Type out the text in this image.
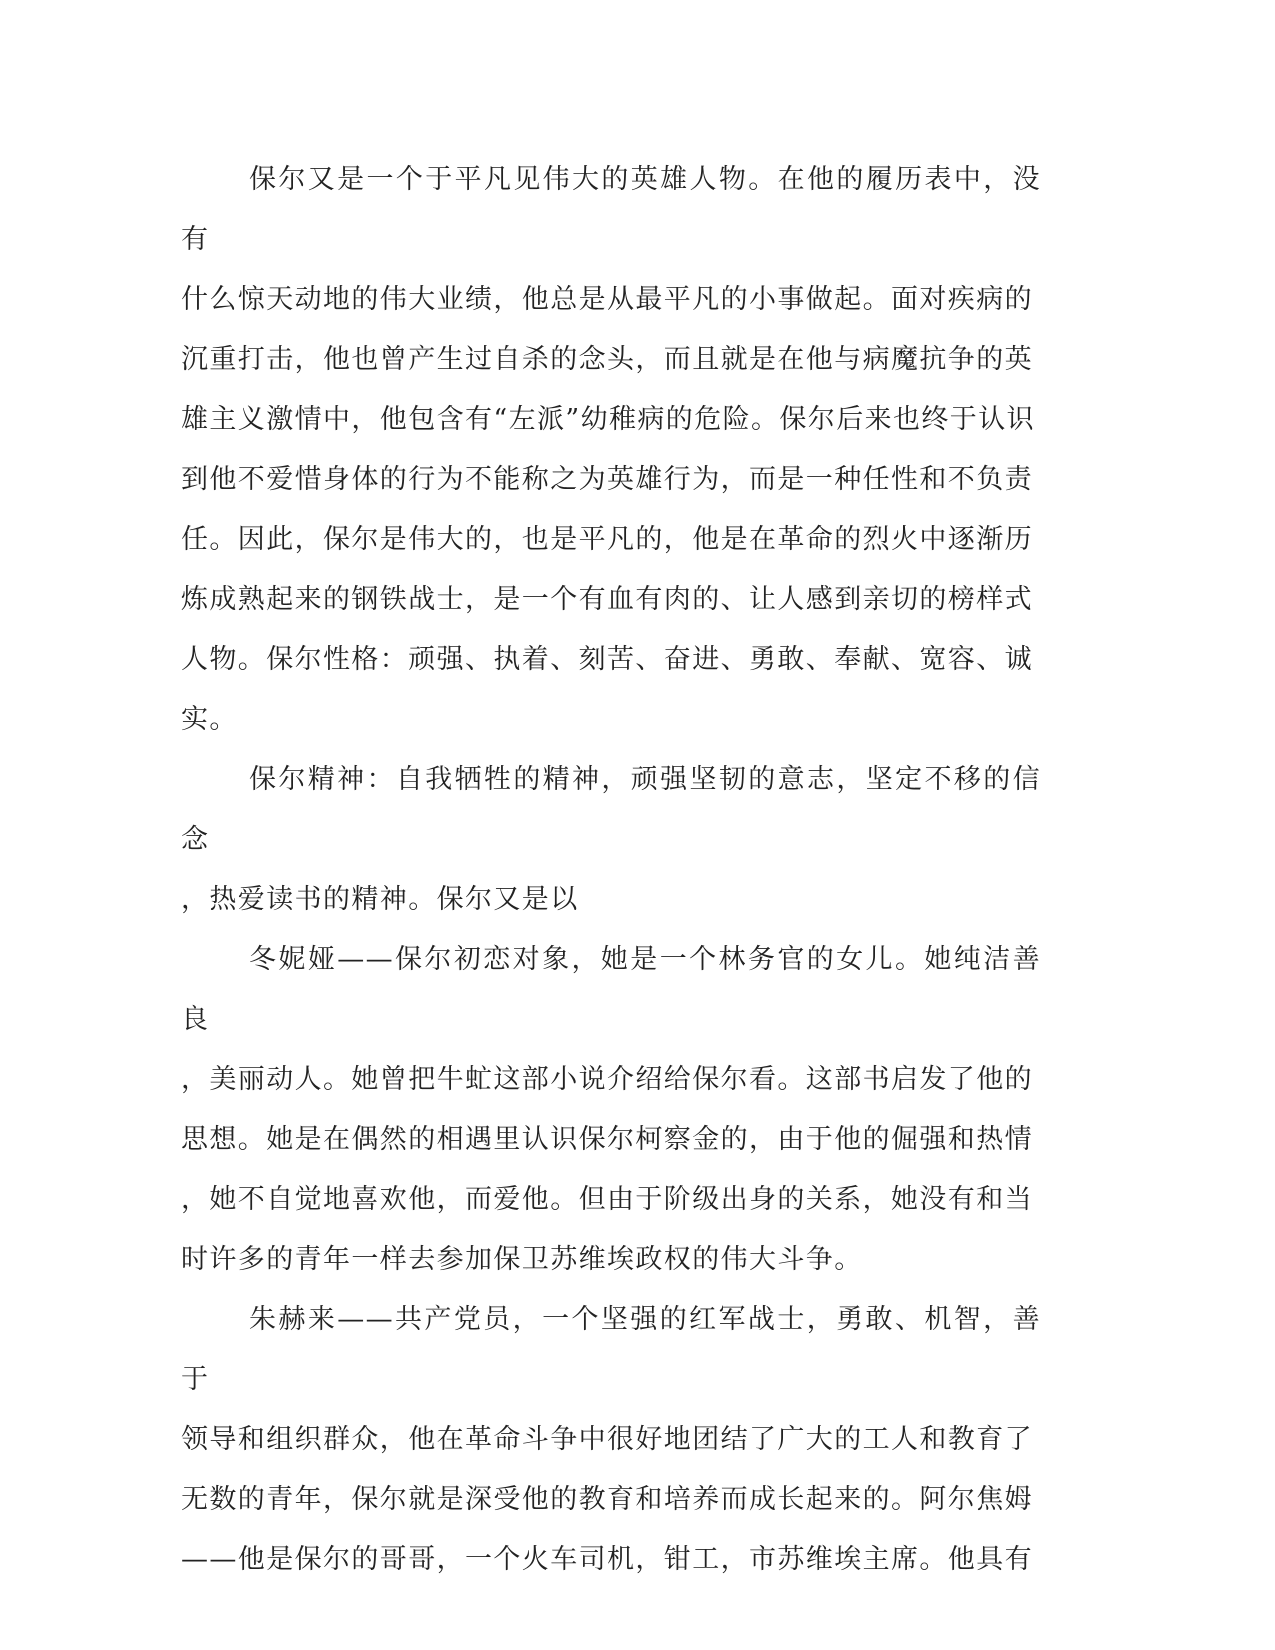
保尔又是一个于平凡见伟大的英雄人物。在他的履历表中，没有
什么惊天动地的伟大业绩，他总是从最平凡的小事做起。面对疾病的
沉重打击，他也曾产生过自杀的念头，而且就是在他与病魔抗争的英
雄主义激情中，他包含有“左派”幼稚病的危险。保尔后来也终于认识
到他不爱惜身体的行为不能称之为英雄行为，而是一种任性和不负责
任。因此，保尔是伟大的，也是平凡的，他是在革命的烈火中逐渐历
炼成熟起来的钢铁战士，是一个有血有肉的、让人感到亲切的榜样式
人物。保尔性格：顽强、执着、刻苦、奋进、勇敢、奉献、宽容、诚
实。

保尔精神：自我牺牲的精神，顽强坚韧的意志，坚定不移的信念
，热爱读书的精神。保尔又是以

冬妮娅——保尔初恋对象，她是一个林务官的女儿。她纯洁善良
，美丽动人。她曾把牛虻这部小说介绍给保尔看。这部书启发了他的
思想。她是在偶然的相遇里认识保尔柯察金的，由于他的倔强和热情
，她不自觉地喜欢他，而爱他。但由于阶级出身的关系，她没有和当
时许多的青年一样去参加保卫苏维埃政权的伟大斗争。

朱赫来——共产党员，一个坚强的红军战士，勇敢、机智，善于
领导和组织群众，他在革命斗争中很好地团结了广大的工人和教育了
无数的青年，保尔就是深受他的教育和培养而成长起来的。阿尔焦姆
——他是保尔的哥哥，一个火车司机，钳工，市苏维埃主席。他具有
